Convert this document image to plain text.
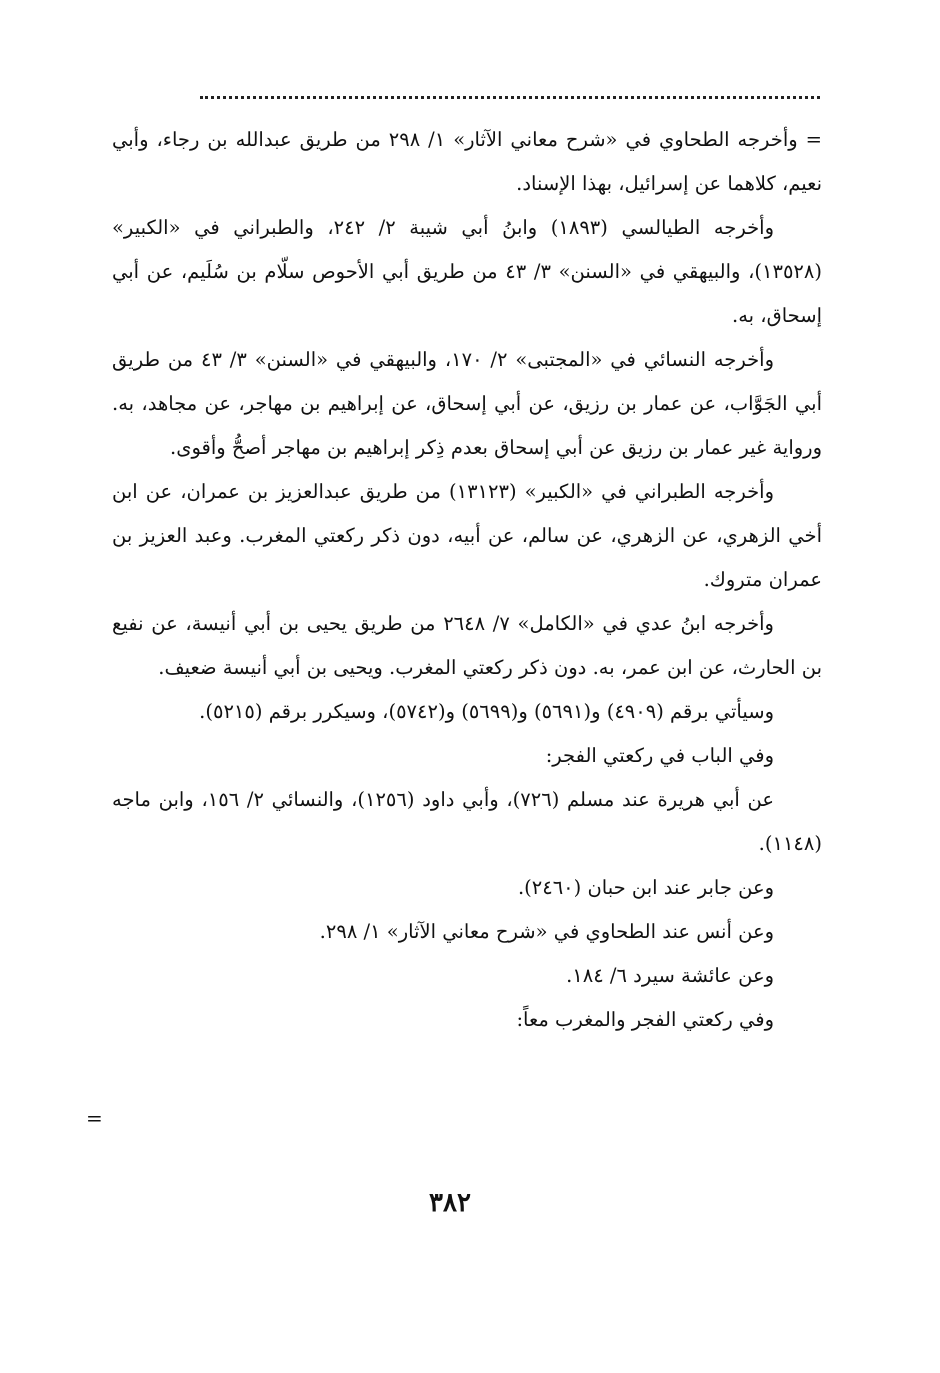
= وأخرجه الطحاوي في «شرح معاني الآثار» ١/ ٢٩٨ من طريق عبدالله بن رجاء، وأبي نعيم، كلاهما عن إسرائيل، بهذا الإسناد.

وأخرجه الطيالسي (١٨٩٣) وابنُ أبي شيبة ٢/ ٢٤٢، والطبراني في «الكبير» (١٣٥٢٨)، والبيهقي في «السنن» ٣/ ٤٣ من طريق أبي الأحوص سلّام بن سُلَيم، عن أبي إسحاق، به.

وأخرجه النسائي في «المجتبى» ٢/ ١٧٠، والبيهقي في «السنن» ٣/ ٤٣ من طريق أبي الجَوَّاب، عن عمار بن رزيق، عن أبي إسحاق، عن إبراهيم بن مهاجر، عن مجاهد، به. ورواية غير عمار بن رزيق عن أبي إسحاق بعدم ذِكر إبراهيم بن مهاجر أصحُّ وأقوى.

وأخرجه الطبراني في «الكبير» (١٣١٢٣) من طريق عبدالعزيز بن عمران، عن ابن أخي الزهري، عن الزهري، عن سالم، عن أبيه، دون ذكر ركعتي المغرب. وعبد العزيز بن عمران متروك.

وأخرجه ابنُ عدي في «الكامل» ٧/ ٢٦٤٨ من طريق يحيى بن أبي أنيسة، عن نفيع بن الحارث، عن ابن عمر، به. دون ذكر ركعتي المغرب. ويحيى بن أبي أنيسة ضعيف.

وسيأتي برقم (٤٩٠٩) و(٥٦٩١) و(٥٦٩٩) و(٥٧٤٢)، وسيكرر برقم (٥٢١٥).

وفي الباب في ركعتي الفجر:

عن أبي هريرة عند مسلم (٧٢٦)، وأبي داود (١٢٥٦)، والنسائي ٢/ ١٥٦، وابن ماجه (١١٤٨).

وعن جابر عند ابن حبان (٢٤٦٠).
وعن أنس عند الطحاوي في «شرح معاني الآثار» ١/ ٢٩٨.
وعن عائشة سيرد ٦/ ١٨٤.
وفي ركعتي الفجر والمغرب معاً:
=
٣٨٢
